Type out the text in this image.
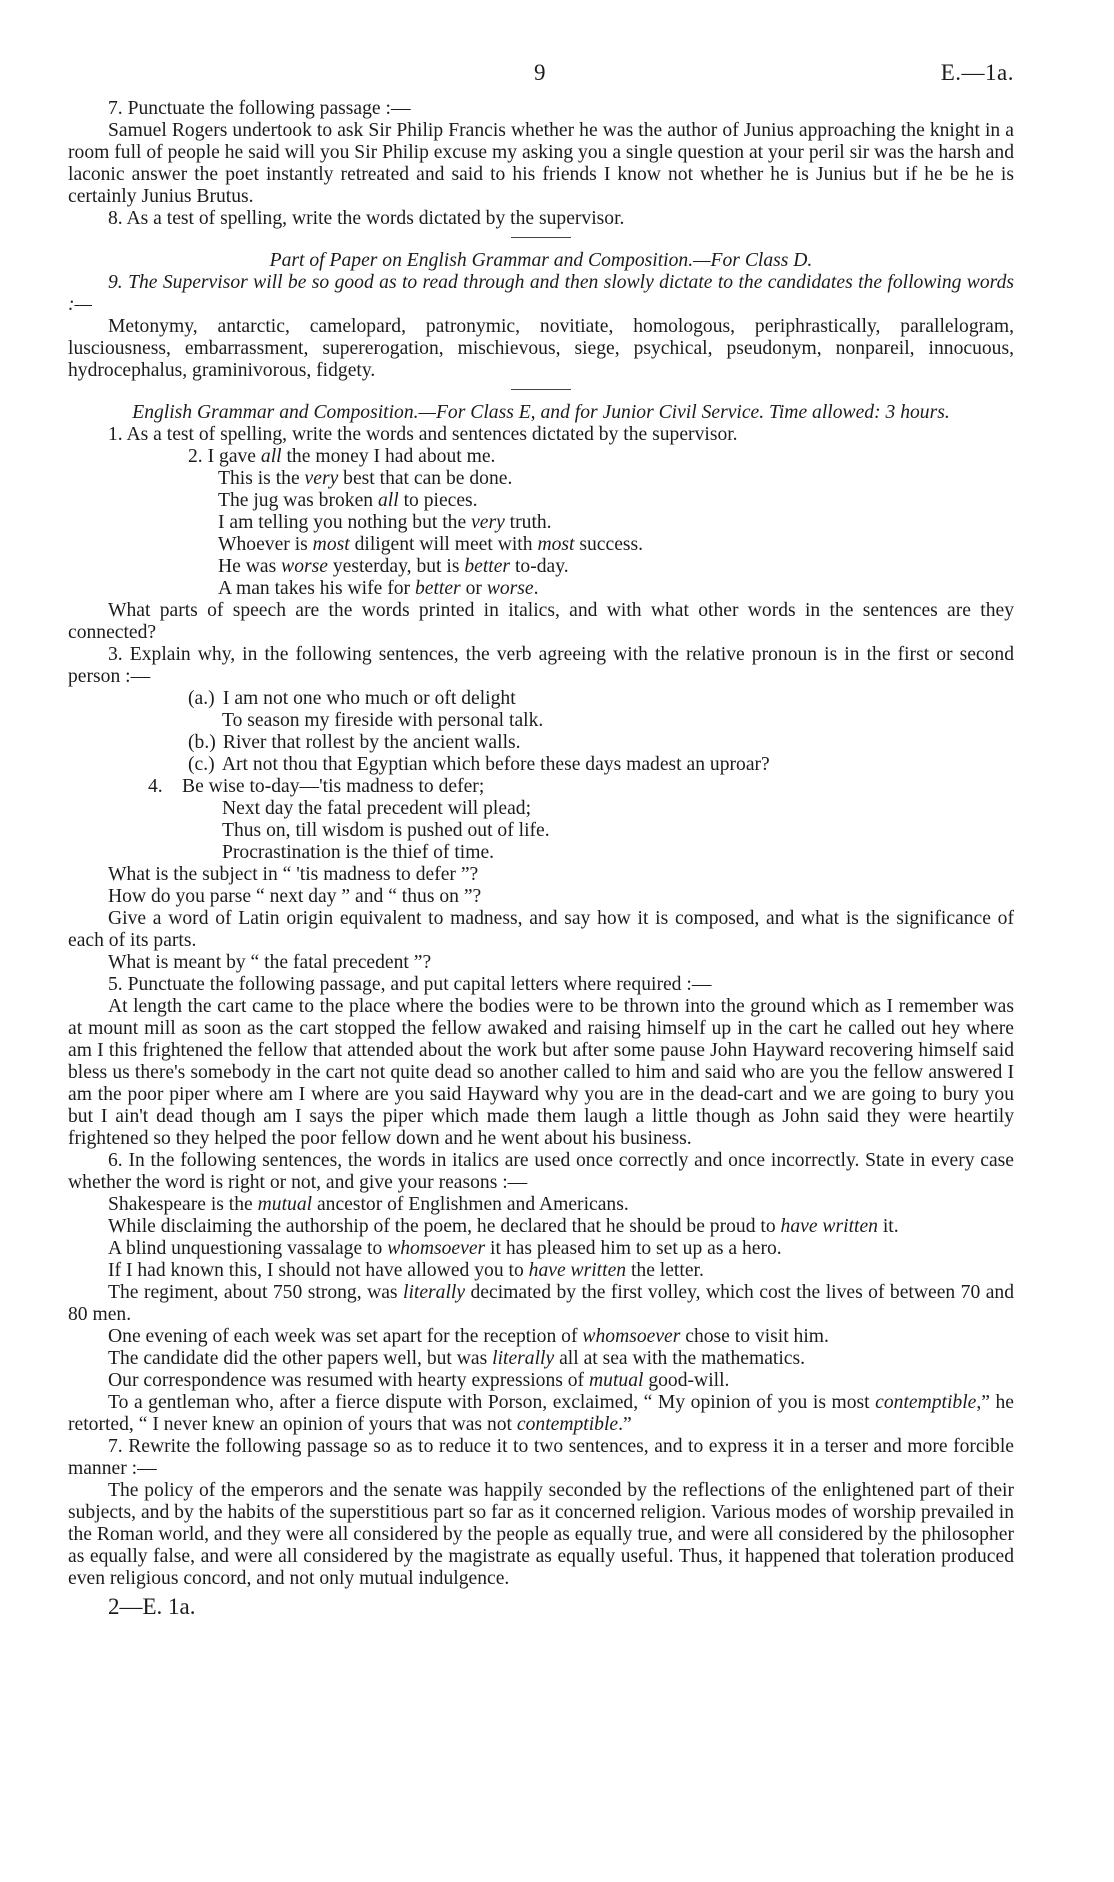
9	E.—1a.

7. Punctuate the following passage :—

Samuel Rogers undertook to ask Sir Philip Francis whether he was the author of Junius approaching the knight in a room full of people he said will you Sir Philip excuse my asking you a single question at your peril sir was the harsh and laconic answer the poet instantly retreated and said to his friends I know not whether he is Junius but if he be he is certainly Junius Brutus.

8. As a test of spelling, write the words dictated by the supervisor.

Part of Paper on English Grammar and Composition.—For Class D.

9. The Supervisor will be so good as to read through and then slowly dictate to the candidates the following words :—

Metonymy, antarctic, camelopard, patronymic, novitiate, homologous, periphrastically, parallelogram, lusciousness, embarrassment, supererogation, mischievous, siege, psychical, pseudonym, nonpareil, innocuous, hydrocephalus, graminivorous, fidgety.

English Grammar and Composition.—For Class E, and for Junior Civil Service. Time allowed: 3 hours.

1. As a test of spelling, write the words and sentences dictated by the supervisor.

2. I gave all the money I had about me.

This is the very best that can be done.

The jug was broken all to pieces.

I am telling you nothing but the very truth.

Whoever is most diligent will meet with most success.

He was worse yesterday, but is better to-day.

A man takes his wife for better or worse.

What parts of speech are the words printed in italics, and with what other words in the sentences are they connected?

3. Explain why, in the following sentences, the verb agreeing with the relative pronoun is in the first or second person :—

(a.) I am not one who much or oft delight

To season my fireside with personal talk.

(b.) River that rollest by the ancient walls.

(c.) Art not thou that Egyptian which before these days madest an uproar?

4. Be wise to-day—'tis madness to defer;

Next day the fatal precedent will plead;

Thus on, till wisdom is pushed out of life.

Procrastination is the thief of time.

What is the subject in “ 'tis madness to defer ”?

How do you parse “ next day ” and “ thus on ”?

Give a word of Latin origin equivalent to madness, and say how it is composed, and what is the significance of each of its parts.

What is meant by “ the fatal precedent ”?

5. Punctuate the following passage, and put capital letters where required :—

At length the cart came to the place where the bodies were to be thrown into the ground which as I remember was at mount mill as soon as the cart stopped the fellow awaked and raising himself up in the cart he called out hey where am I this frightened the fellow that attended about the work but after some pause John Hayward recovering himself said bless us there's somebody in the cart not quite dead so another called to him and said who are you the fellow answered I am the poor piper where am I where are you said Hayward why you are in the dead-cart and we are going to bury you but I ain't dead though am I says the piper which made them laugh a little though as John said they were heartily frightened so they helped the poor fellow down and he went about his business.

6. In the following sentences, the words in italics are used once correctly and once incorrectly. State in every case whether the word is right or not, and give your reasons :—

Shakespeare is the mutual ancestor of Englishmen and Americans.

While disclaiming the authorship of the poem, he declared that he should be proud to have written it.

A blind unquestioning vassalage to whomsoever it has pleased him to set up as a hero.

If I had known this, I should not have allowed you to have written the letter.

The regiment, about 750 strong, was literally decimated by the first volley, which cost the lives of between 70 and 80 men.

One evening of each week was set apart for the reception of whomsoever chose to visit him.

The candidate did the other papers well, but was literally all at sea with the mathematics.

Our correspondence was resumed with hearty expressions of mutual good-will.

To a gentleman who, after a fierce dispute with Porson, exclaimed, “ My opinion of you is most contemptible,” he retorted, “ I never knew an opinion of yours that was not contemptible.”

7. Rewrite the following passage so as to reduce it to two sentences, and to express it in a terser and more forcible manner :—

The policy of the emperors and the senate was happily seconded by the reflections of the enlightened part of their subjects, and by the habits of the superstitious part so far as it concerned religion. Various modes of worship prevailed in the Roman world, and they were all considered by the people as equally true, and were all considered by the philosopher as equally false, and were all considered by the magistrate as equally useful. Thus, it happened that toleration produced even religious concord, and not only mutual indulgence.

2—E. 1a.
